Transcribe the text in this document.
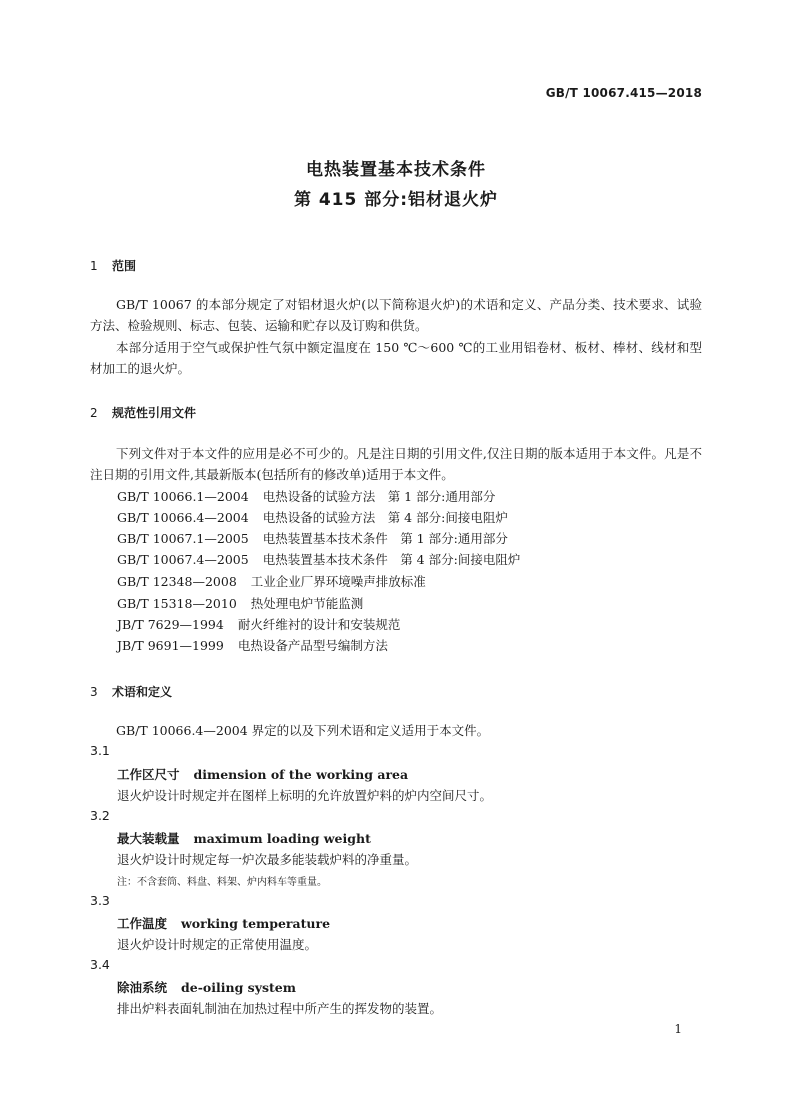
GB/T 10067.415—2018
电热装置基本技术条件
第 415 部分:铝材退火炉
1 范围
GB/T 10067 的本部分规定了对铝材退火炉(以下简称退火炉)的术语和定义、产品分类、技术要求、试验方法、检验规则、标志、包装、运输和贮存以及订购和供货。
本部分适用于空气或保护性气氛中额定温度在 150 ℃～600 ℃的工业用铝卷材、板材、棒材、线材和型材加工的退火炉。
2 规范性引用文件
下列文件对于本文件的应用是必不可少的。凡是注日期的引用文件,仅注日期的版本适用于本文件。凡是不注日期的引用文件,其最新版本(包括所有的修改单)适用于本文件。
GB/T 10066.1—2004 电热设备的试验方法　第 1 部分:通用部分
GB/T 10066.4—2004 电热设备的试验方法　第 4 部分:间接电阻炉
GB/T 10067.1—2005 电热装置基本技术条件　第 1 部分:通用部分
GB/T 10067.4—2005 电热装置基本技术条件　第 4 部分:间接电阻炉
GB/T 12348—2008 工业企业厂界环境噪声排放标准
GB/T 15318—2010 热处理电炉节能监测
JB/T 7629—1994 耐火纤维衬的设计和安装规范
JB/T 9691—1999 电热设备产品型号编制方法
3 术语和定义
GB/T 10066.4—2004 界定的以及下列术语和定义适用于本文件。
3.1
工作区尺寸 dimension of the working area
退火炉设计时规定并在图样上标明的允许放置炉料的炉内空间尺寸。
3.2
最大装载量 maximum loading weight
退火炉设计时规定每一炉次最多能装载炉料的净重量。
注：不含套筒、料盘、料架、炉内料车等重量。
3.3
工作温度 working temperature
退火炉设计时规定的正常使用温度。
3.4
除油系统 de-oiling system
排出炉料表面轧制油在加热过程中所产生的挥发物的装置。
1
